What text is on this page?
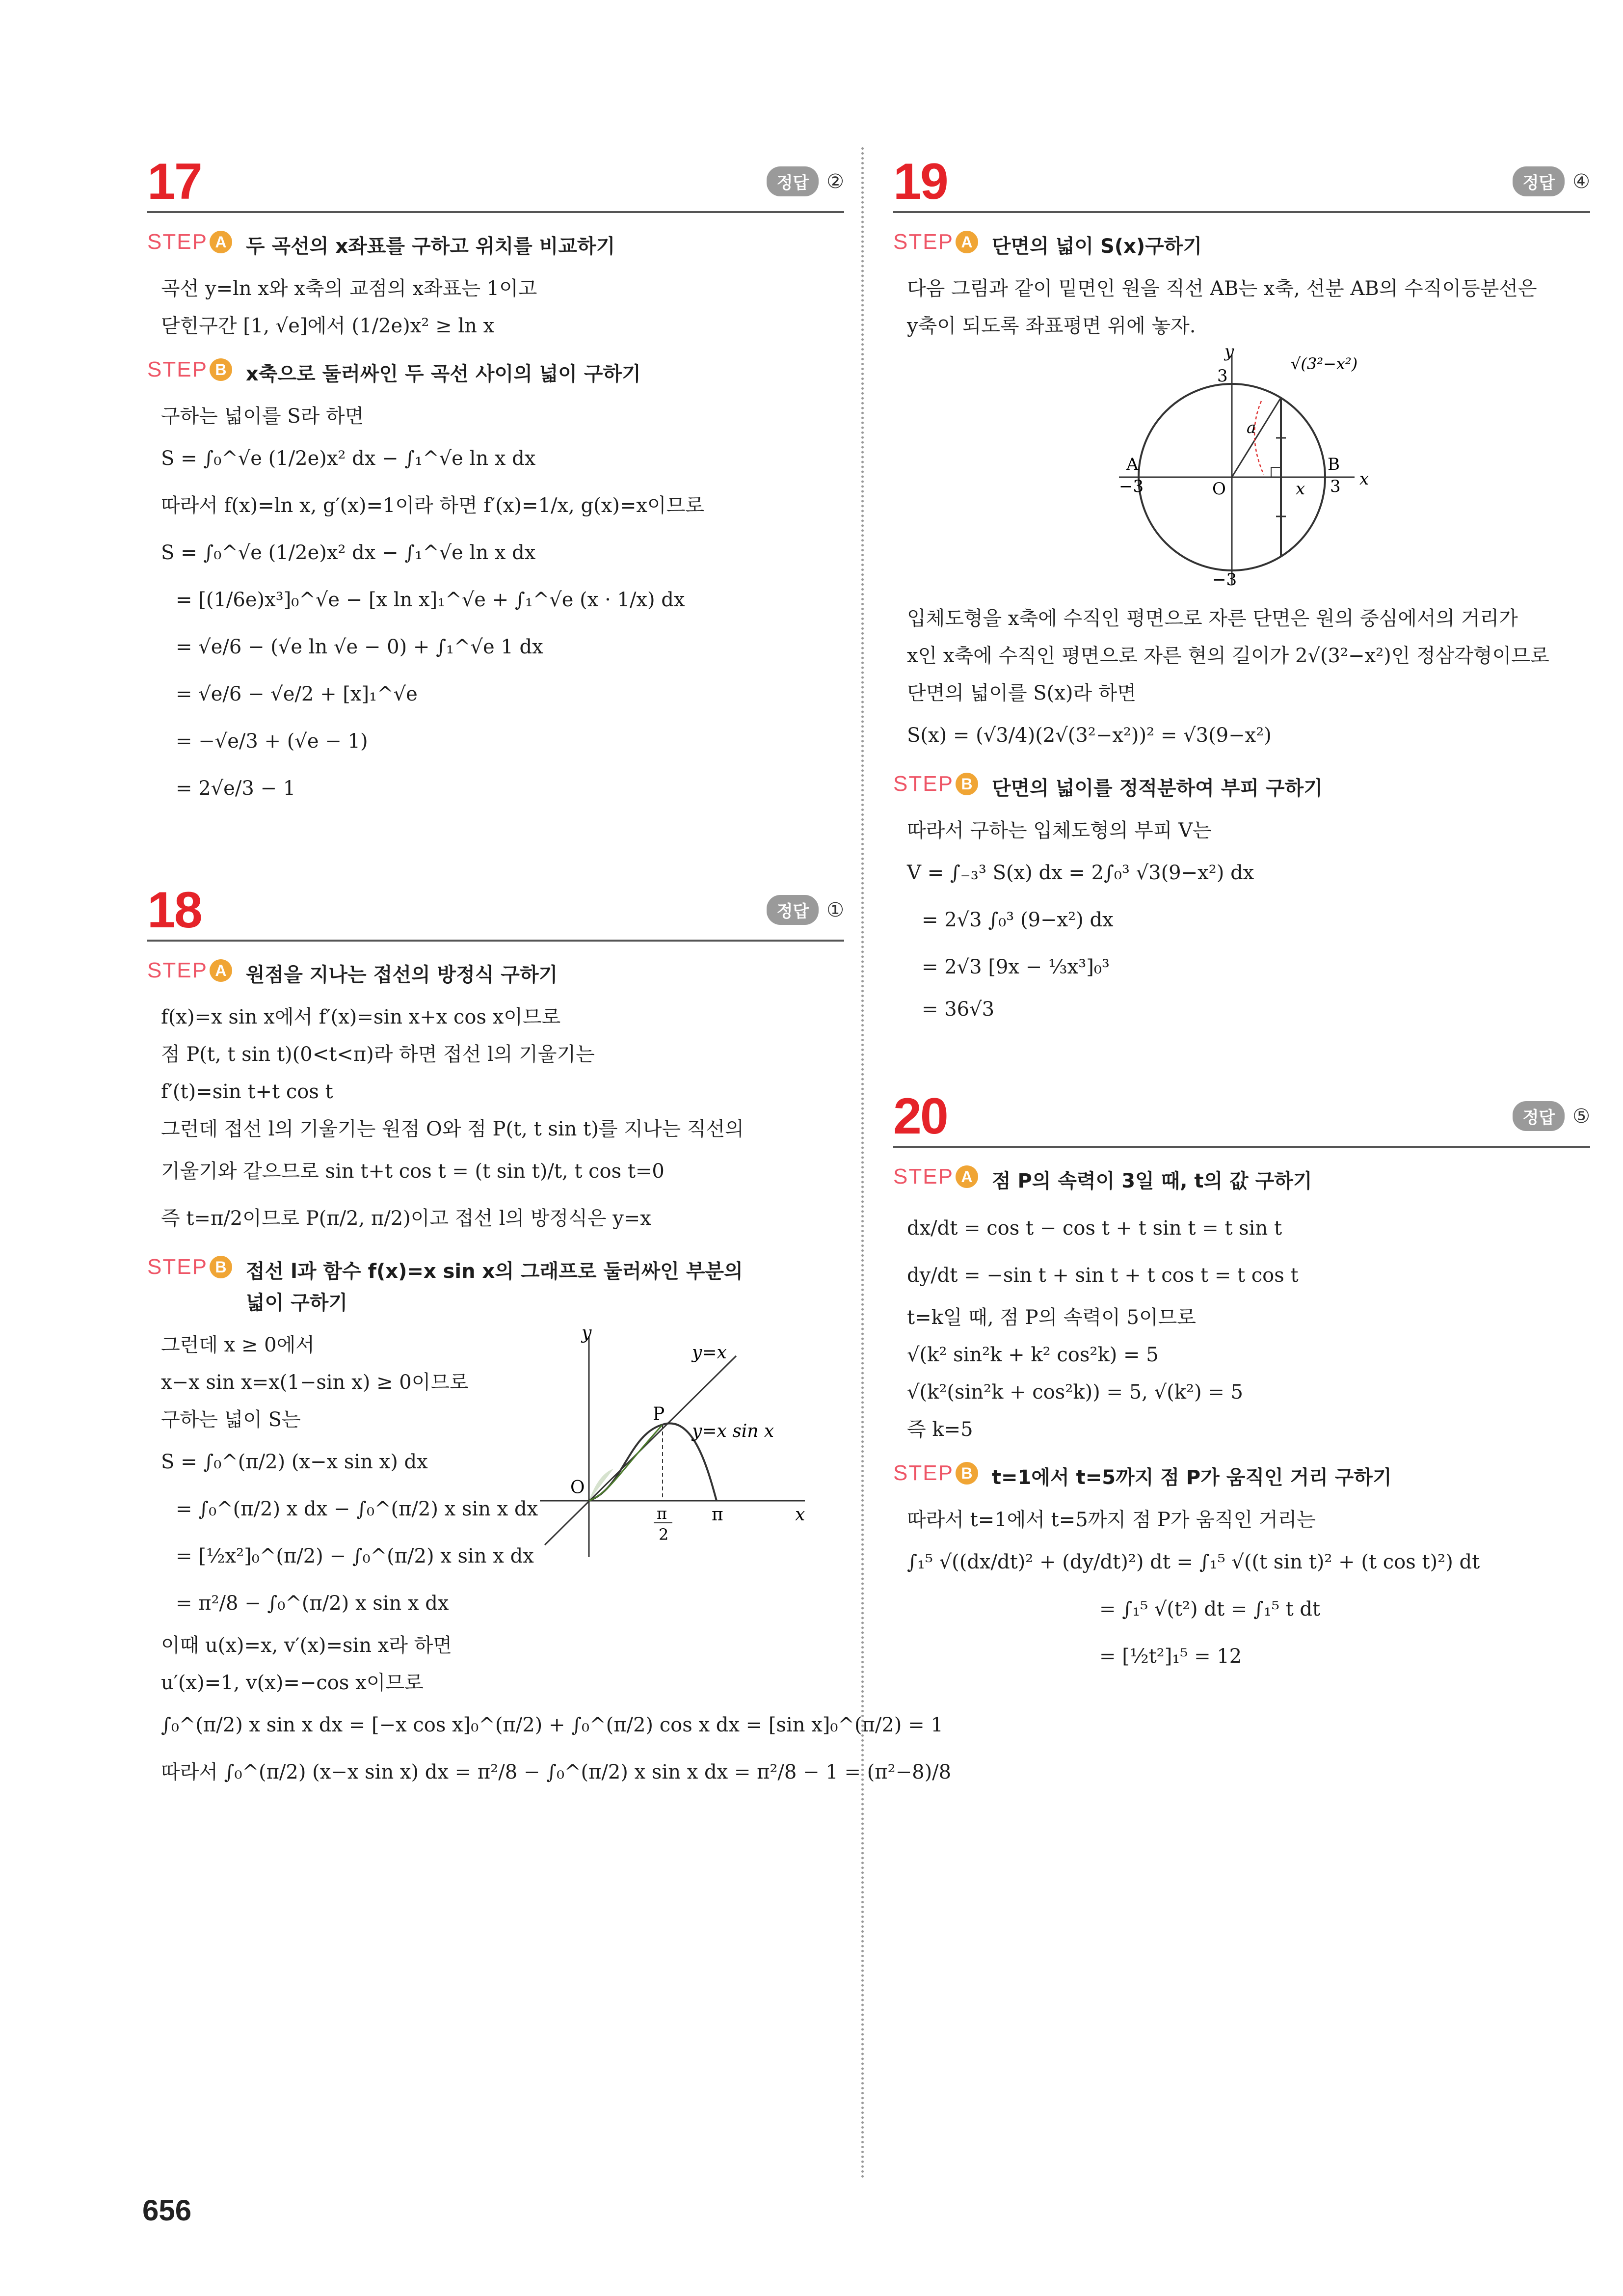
17	정답 ②
STEP A 두 곡선의 x좌표를 구하고 위치를 비교하기
곡선 y=ln x와 x축의 교점의 x좌표는 1이고
닫힌구간 [1, √e]에서 (1/2e)x² ≥ ln x
STEP B x축으로 둘러싸인 두 곡선 사이의 넓이 구하기
구하는 넓이를 S라 하면
S = ∫₀^√e (1/2e)x² dx − ∫₁^√e ln x dx
따라서 f(x)=ln x, g′(x)=1이라 하면 f′(x)=1/x, g(x)=x이므로
S = ∫₀^√e (1/2e)x² dx − ∫₁^√e ln x dx
= [(1/6e)x³]₀^√e − [x ln x]₁^√e + ∫₁^√e (x · 1/x) dx
= √e/6 − (√e ln √e − 0) + ∫₁^√e 1 dx
= √e/6 − √e/2 + [x]₁^√e
= −√e/3 + (√e − 1)
= 2√e/3 − 1
18	정답 ①
STEP A 원점을 지나는 접선의 방정식 구하기
f(x)=x sin x에서 f′(x)=sin x+x cos x이므로
점 P(t, t sin t)(0<t<π)라 하면 접선 l의 기울기는
f′(t)=sin t+t cos t
그런데 접선 l의 기울기는 원점 O와 점 P(t, t sin t)를 지나는 직선의
기울기와 같으므로 sin t+t cos t = (t sin t)/t, t cos t=0
즉 t=π/2이므로 P(π/2, π/2)이고 접선 l의 방정식은 y=x
STEP B 접선 l과 함수 f(x)=x sin x의 그래프로 둘러싸인 부분의 넓이 구하기
y
x
y=x
y=x sin x
P
O
π
π
2
그런데 x ≥ 0에서
x−x sin x=x(1−sin x) ≥ 0이므로
구하는 넓이 S는
S = ∫₀^(π/2) (x−x sin x) dx
= ∫₀^(π/2) x dx − ∫₀^(π/2) x sin x dx
= [½x²]₀^(π/2) − ∫₀^(π/2) x sin x dx
= π²/8 − ∫₀^(π/2) x sin x dx
이때 u(x)=x, v′(x)=sin x라 하면
u′(x)=1, v(x)=−cos x이므로
∫₀^(π/2) x sin x dx = [−x cos x]₀^(π/2) + ∫₀^(π/2) cos x dx = [sin x]₀^(π/2) = 1
따라서 ∫₀^(π/2) (x−x sin x) dx = π²/8 − ∫₀^(π/2) x sin x dx = π²/8 − 1 = (π²−8)/8
19	정답 ④
STEP A 단면의 넓이 S(x)구하기
다음 그림과 같이 밑면인 원을 직선 AB는 x축, 선분 AB의 수직이등분선은
y축이 되도록 좌표평면 위에 놓자.
y
x
3
−3
A
−3
B
3
O
a
x
√(3²−x²)
입체도형을 x축에 수직인 평면으로 자른 단면은 원의 중심에서의 거리가
x인 x축에 수직인 평면으로 자른 현의 길이가 2√(3²−x²)인 정삼각형이므로
단면의 넓이를 S(x)라 하면
S(x) = (√3/4)(2√(3²−x²))² = √3(9−x²)
STEP B 단면의 넓이를 정적분하여 부피 구하기
따라서 구하는 입체도형의 부피 V는
V = ∫₋₃³ S(x) dx = 2∫₀³ √3(9−x²) dx
= 2√3 ∫₀³ (9−x²) dx
= 2√3 [9x − ⅓x³]₀³
= 36√3
20	정답 ⑤
STEP A 점 P의 속력이 3일 때, t의 값 구하기
dx/dt = cos t − cos t + t sin t = t sin t
dy/dt = −sin t + sin t + t cos t = t cos t
t=k일 때, 점 P의 속력이 5이므로
√(k² sin²k + k² cos²k) = 5
√(k²(sin²k + cos²k)) = 5, √(k²) = 5
즉 k=5
STEP B t=1에서 t=5까지 점 P가 움직인 거리 구하기
따라서 t=1에서 t=5까지 점 P가 움직인 거리는
∫₁⁵ √((dx/dt)² + (dy/dt)²) dt = ∫₁⁵ √((t sin t)² + (t cos t)²) dt
= ∫₁⁵ √(t²) dt = ∫₁⁵ t dt
= [½t²]₁⁵ = 12
656
